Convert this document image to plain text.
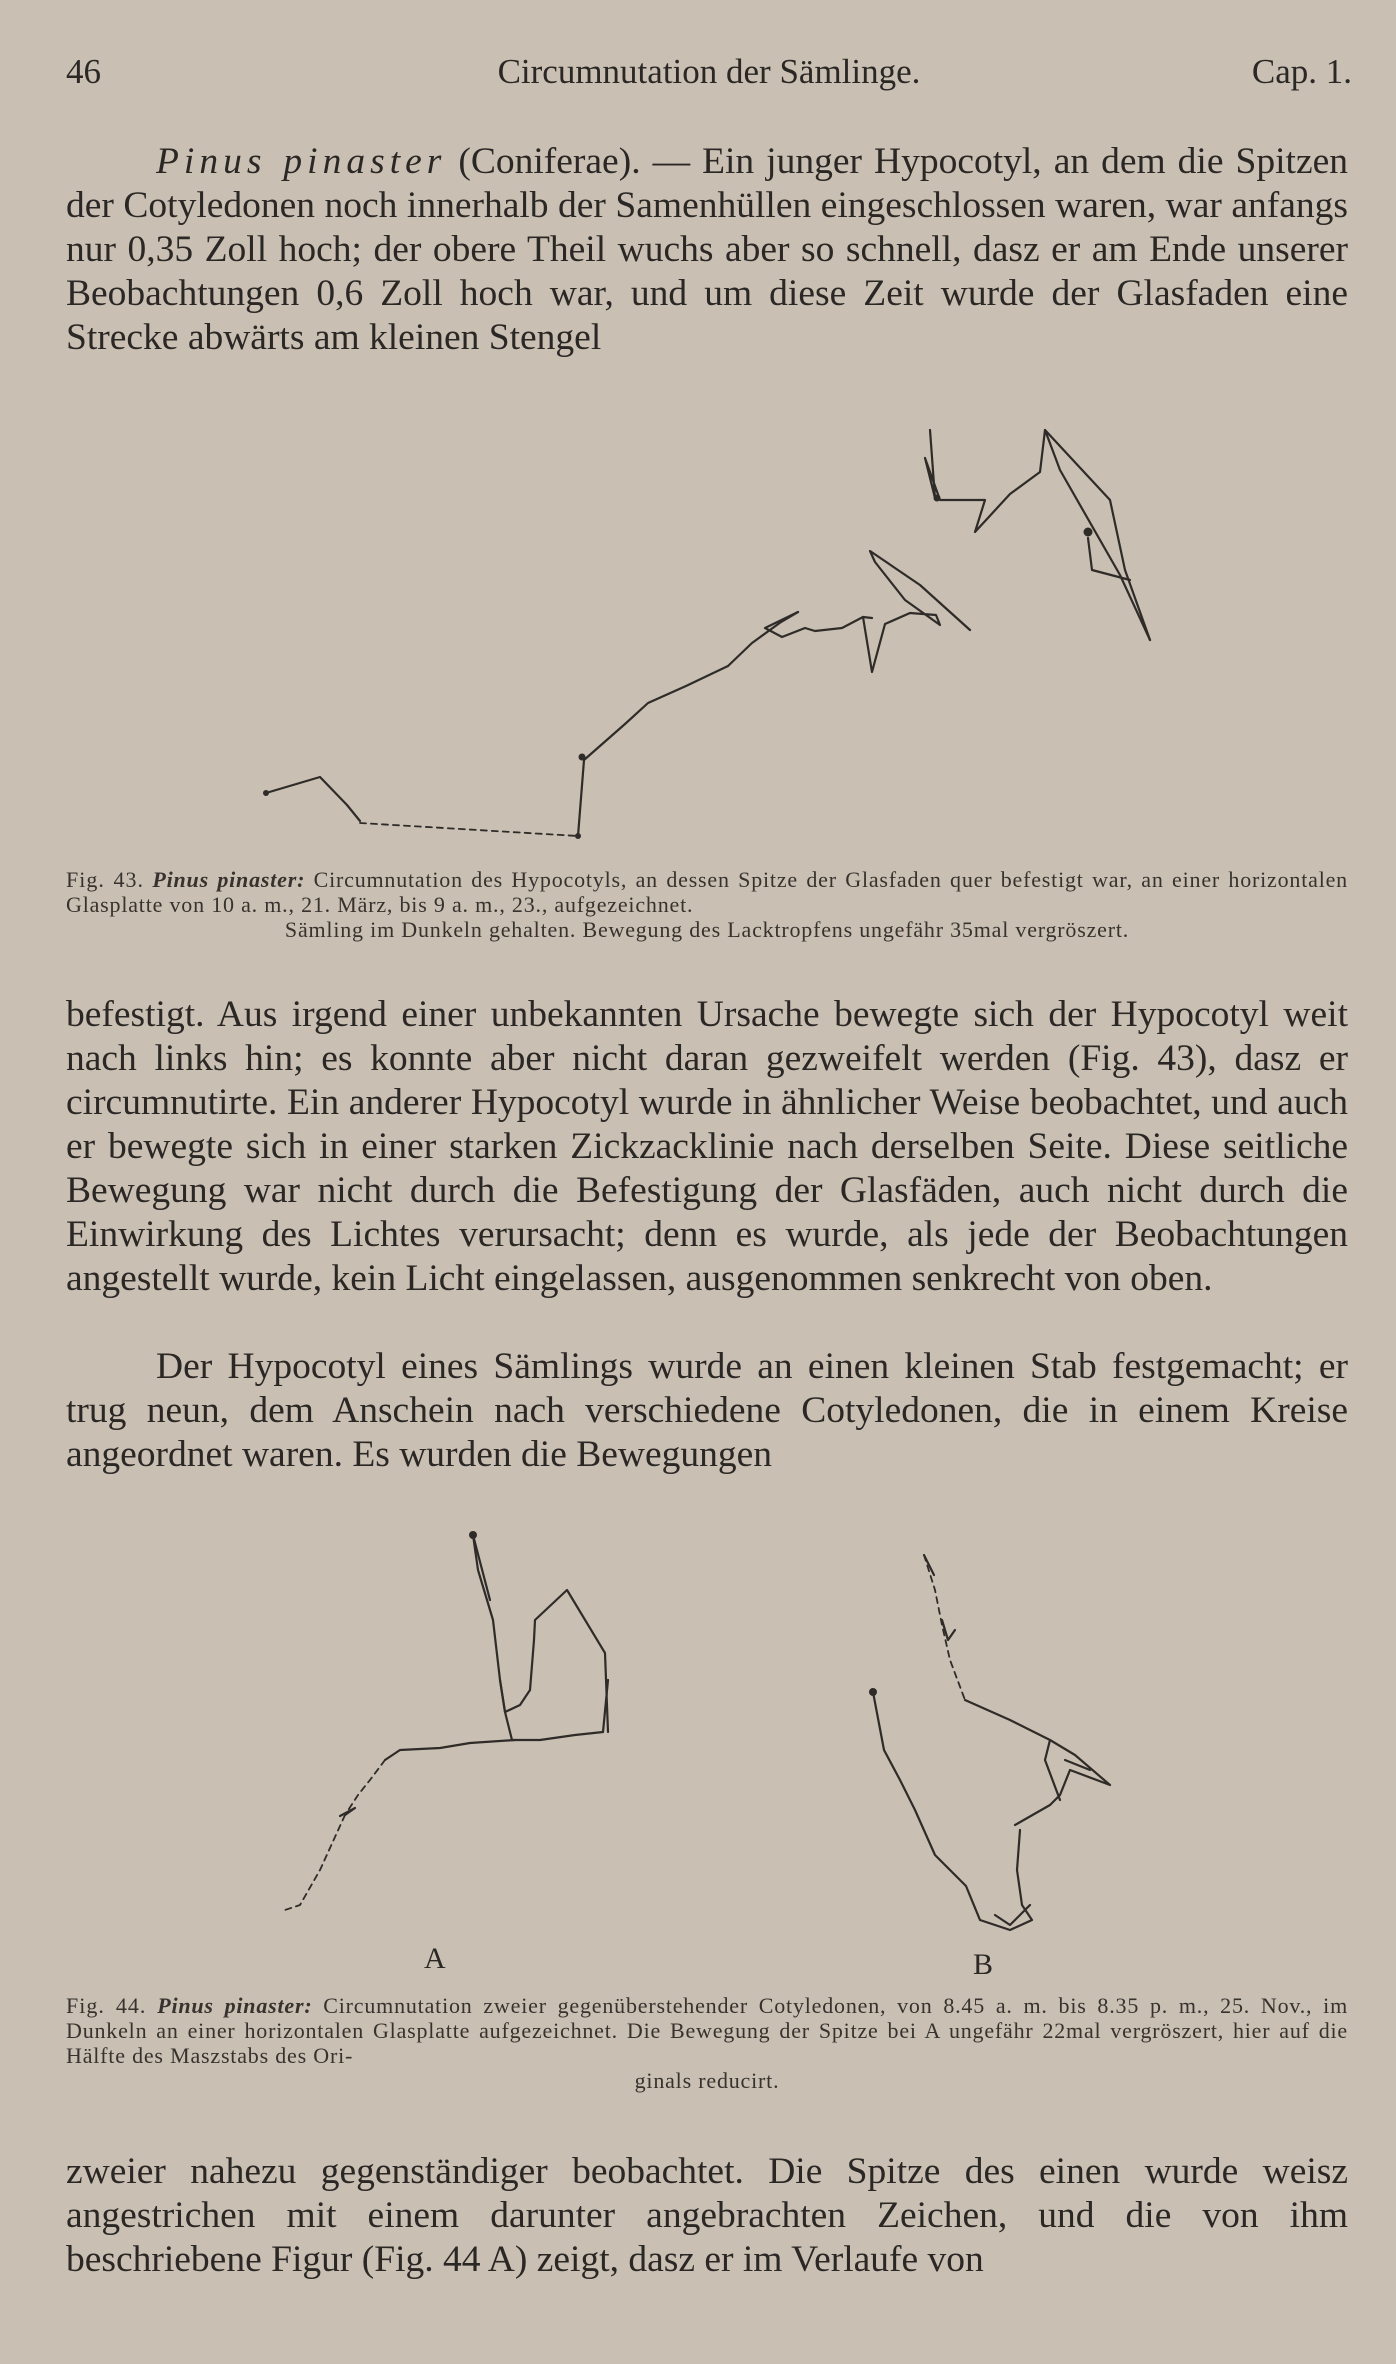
46	Circumnutation der Sämlinge.	Cap. 1.

Pinus pinaster (Coniferae). — Ein junger Hypocotyl, an dem die Spitzen der Cotyledonen noch innerhalb der Samenhüllen eingeschlossen waren, war anfangs nur 0,35 Zoll hoch; der obere Theil wuchs aber so schnell, dasz er am Ende unserer Beobachtungen 0,6 Zoll hoch war, und um diese Zeit wurde der Glasfaden eine Strecke abwärts am kleinen Stengel

Fig. 43. Pinus pinaster: Circumnutation des Hypocotyls, an dessen Spitze der Glasfaden quer befestigt war, an einer horizontalen Glasplatte von 10 a. m., 21. März, bis 9 a. m., 23., aufgezeichnet.
Sämling im Dunkeln gehalten. Bewegung des Lacktropfens ungefähr 35mal vergröszert.

befestigt. Aus irgend einer unbekannten Ursache bewegte sich der Hypocotyl weit nach links hin; es konnte aber nicht daran gezweifelt werden (Fig. 43), dasz er circumnutirte. Ein anderer Hypocotyl wurde in ähnlicher Weise beobachtet, und auch er bewegte sich in einer starken Zickzacklinie nach derselben Seite. Diese seitliche Bewegung war nicht durch die Befestigung der Glasfäden, auch nicht durch die Einwirkung des Lichtes verursacht; denn es wurde, als jede der Beobachtungen angestellt wurde, kein Licht eingelassen, ausgenommen senkrecht von oben.

Der Hypocotyl eines Sämlings wurde an einen kleinen Stab festgemacht; er trug neun, dem Anschein nach verschiedene Cotyledonen, die in einem Kreise angeordnet waren. Es wurden die Bewegungen

A	B
Fig. 44. Pinus pinaster: Circumnutation zweier gegenüberstehender Cotyledonen, von 8.45 a. m. bis 8.35 p. m., 25. Nov., im Dunkeln an einer horizontalen Glasplatte aufgezeichnet. Die Bewegung der Spitze bei A ungefähr 22mal vergröszert, hier auf die Hälfte des Maszstabs des Ori-
ginals reducirt.

zweier nahezu gegenständiger beobachtet. Die Spitze des einen wurde weisz angestrichen mit einem darunter angebrachten Zeichen, und die von ihm beschriebene Figur (Fig. 44 A) zeigt, dasz er im Verlaufe von
